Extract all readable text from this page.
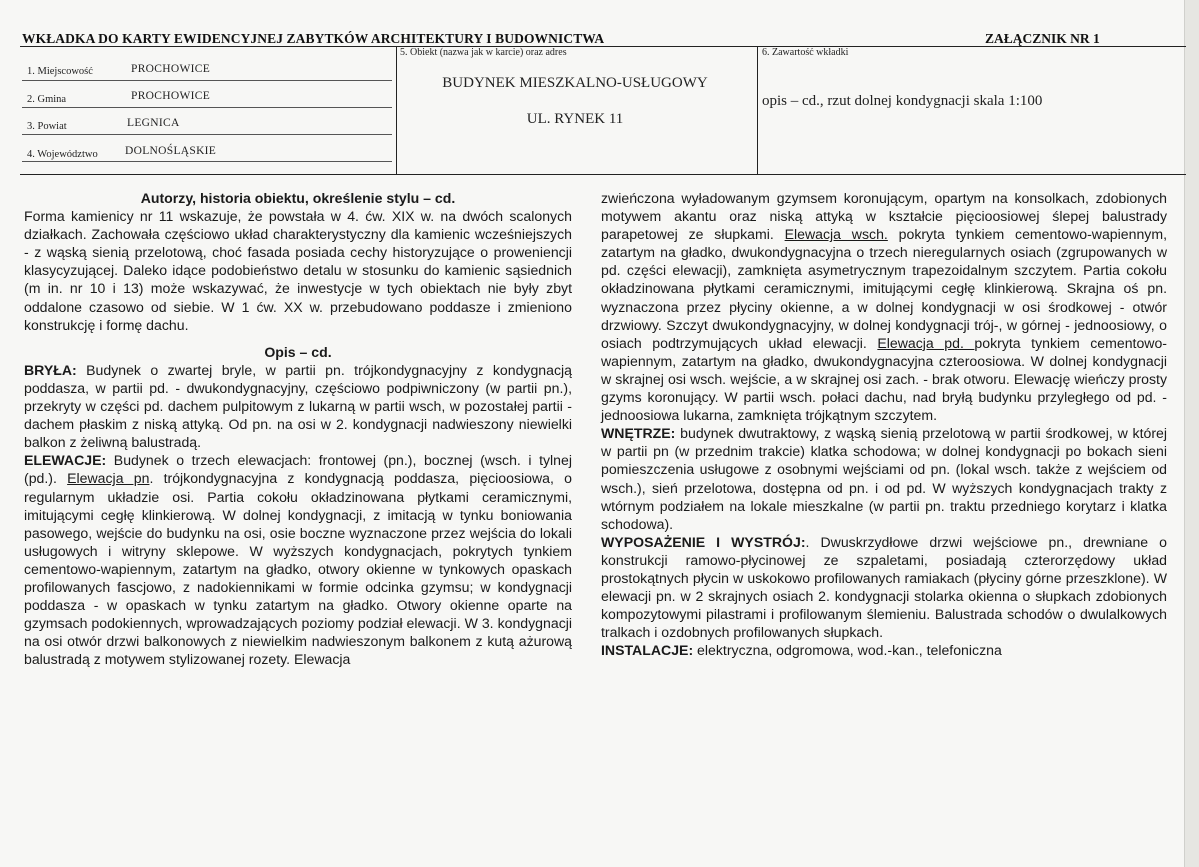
WKŁADKA DO KARTY EWIDENCYJNEJ ZABYTKÓW ARCHITEKTURY I BUDOWNICTWA	ZAŁĄCZNIK NR 1
1. Miejscowość	PROCHOWICE
2. Gmina	PROCHOWICE
3. Powiat	LEGNICA
4. Województwo DOLNOŚLĄSKIE
5. Obiekt (nazwa jak w karcie) oraz adres
BUDYNEK MIESZKALNO-USŁUGOWY
UL. RYNEK 11
6. Zawartość wkładki
opis – cd., rzut dolnej kondygnacji skala 1:100

Autorzy, historia obiektu, określenie stylu – cd.

Forma kamienicy nr 11 wskazuje, że powstała w 4. ćw. XIX w. na dwóch scalonych działkach. Zachowała częściowo układ charakterystyczny dla kamienic wcześniejszych - z wąską sienią przelotową, choć fasada posiada cechy historyzujące o proweniencji klasycyzującej. Daleko idące podobieństwo detalu w stosunku do kamienic sąsiednich (m in. nr 10 i 13) może wskazywać, że inwestycje w tych obiektach nie były zbyt oddalone czasowo od siebie. W 1 ćw. XX w. przebudowano poddasze i zmieniono konstrukcję i formę dachu.

Opis – cd.

BRYŁA: Budynek o zwartej bryle, w partii pn. trójkondygnacyjny z kondygnacją poddasza, w partii pd. - dwukondygnacyjny, częściowo podpiwniczony (w partii pn.), przekryty w części pd. dachem pulpitowym z lukarną w partii wsch, w pozostałej partii - dachem płaskim z niską attyką. Od pn. na osi w 2. kondygnacji nadwieszony niewielki balkon z żeliwną balustradą.

ELEWACJE: Budynek o trzech elewacjach: frontowej (pn.), bocznej (wsch. i tylnej (pd.). Elewacja pn. trójkondygnacyjna z kondygnacją poddasza, pięcioosiowa, o regularnym układzie osi. Partia cokołu okładzinowana płytkami ceramicznymi, imitującymi cegłę klinkierową. W dolnej kondygnacji, z imitacją w tynku boniowania pasowego, wejście do budynku na osi, osie boczne wyznaczone przez wejścia do lokali usługowych i witryny sklepowe. W wyższych kondygnacjach, pokrytych tynkiem cementowo-wapiennym, zatartym na gładko, otwory okienne w tynkowych opaskach profilowanych fascjowo, z nadokiennikami w formie odcinka gzymsu; w kondygnacji poddasza - w opaskach w tynku zatartym na gładko. Otwory okienne oparte na gzymsach podokiennych, wprowadzających poziomy podział elewacji. W 3. kondygnacji na osi otwór drzwi balkonowych z niewielkim nadwieszonym balkonem z kutą ażurową balustradą z motywem stylizowanej rozety. Elewacja

zwieńczona wyładowanym gzymsem koronującym, opartym na konsolkach, zdobionych motywem akantu oraz niską attyką w kształcie pięcioosiowej ślepej balustrady parapetowej ze słupkami. Elewacja wsch. pokryta tynkiem cementowo-wapiennym, zatartym na gładko, dwukondygnacyjna o trzech nieregularnych osiach (zgrupowanych w pd. części elewacji), zamknięta asymetrycznym trapezoidalnym szczytem. Partia cokołu okładzinowana płytkami ceramicznymi, imitującymi cegłę klinkierową. Skrajna oś pn. wyznaczona przez płyciny okienne, a w dolnej kondygnacji w osi środkowej - otwór drzwiowy. Szczyt dwukondygnacyjny, w dolnej kondygnacji trój-, w górnej - jednoosiowy, o osiach podtrzymujących układ elewacji. Elewacja pd. pokryta tynkiem cementowo-wapiennym, zatartym na gładko, dwukondygnacyjna czteroosiowa. W dolnej kondygnacji w skrajnej osi wsch. wejście, a w skrajnej osi zach. - brak otworu. Elewację wieńczy prosty gzyms koronujący. W partii wsch. połaci dachu, nad bryłą budynku przyległego od pd. - jednoosiowa lukarna, zamknięta trójkątnym szczytem.

WNĘTRZE: budynek dwutraktowy, z wąską sienią przelotową w partii środkowej, w której w partii pn (w przednim trakcie) klatka schodowa; w dolnej kondygnacji po bokach sieni pomieszczenia usługowe z osobnymi wejściami od pn. (lokal wsch. także z wejściem od wsch.), sień przelotowa, dostępna od pn. i od pd. W wyższych kondygnacjach trakty z wtórnym podziałem na lokale mieszkalne (w partii pn. traktu przedniego korytarz i klatka schodowa).

WYPOSAŻENIE I WYSTRÓJ:. Dwuskrzydłowe drzwi wejściowe pn., drewniane o konstrukcji ramowo-płycinowej ze szpaletami, posiadają czterorzędowy układ prostokątnych płycin w uskokowo profilowanych ramiakach (płyciny górne przeszklone). W elewacji pn. w 2 skrajnych osiach 2. kondygnacji stolarka okienna o słupkach zdobionych kompozytowymi pilastrami i profilowanym ślemieniu. Balustrada schodów o dwulalkowych tralkach i ozdobnych profilowanych słupkach.

INSTALACJE: elektryczna, odgromowa, wod.-kan., telefoniczna
